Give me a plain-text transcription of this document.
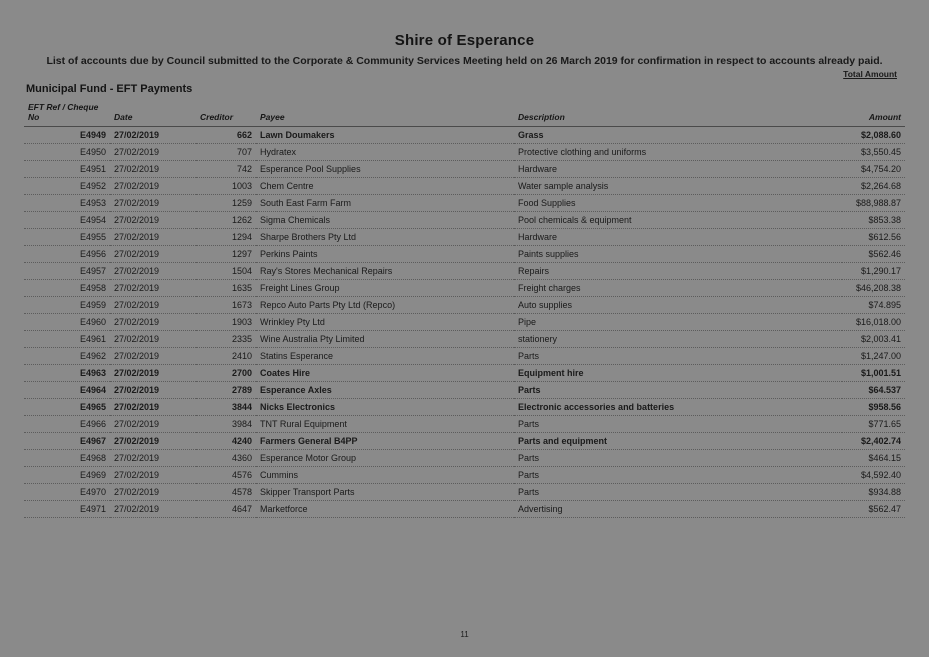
Shire of Esperance
List of accounts due by Council submitted to the Corporate & Community Services Meeting held on 26 March 2019 for confirmation in respect to accounts already paid.
Total Amount
Municipal Fund - EFT Payments
EFT Ref / Cheque No	Date	Creditor	Payee	Description	Amount
E4949	27/02/2019	662	Lawn Doumakers	Grass	$2,088.60
E4950	27/02/2019	707	Hydratex	Protective clothing and uniforms	$3,550.45
E4951	27/02/2019	742	Esperance Pool Supplies	Hardware	$4,754.20
E4952	27/02/2019	1003	Chem Centre	Water sample analysis	$2,264.68
E4953	27/02/2019	1259	South East Farm Farm	Food Supplies	$88,988.87
E4954	27/02/2019	1262	Sigma Chemicals	Pool chemicals & equipment	$853.38
E4955	27/02/2019	1294	Sharpe Brothers Pty Ltd	Hardware	$612.56
E4956	27/02/2019	1297	Perkins Paints	Paints supplies	$562.46
E4957	27/02/2019	1504	Ray's Stores Mechanical Repairs	Repairs	$1,290.17
E4958	27/02/2019	1635	Freight Lines Group	Freight charges	$46,208.38
E4959	27/02/2019	1673	Repco Auto Parts Pty Ltd (Repco)	Auto supplies	$74.895
E4960	27/02/2019	1903	Wrinkley Pty Ltd	Pipe	$16,018.00
E4961	27/02/2019	2335	Wine Australia Pty Limited	stationery	$2,003.41
E4962	27/02/2019	2410	Statins Esperance	Parts	$1,247.00
E4963	27/02/2019	2700	Coates Hire	Equipment hire	$1,001.51
E4964	27/02/2019	2789	Esperance Axles	Parts	$64.537
E4965	27/02/2019	3844	Nicks Electronics	Electronic accessories and batteries	$958.56
E4966	27/02/2019	3984	TNT Rural Equipment	Parts	$771.65
E4967	27/02/2019	4240	Farmers General B4PP	Parts and equipment	$2,402.74
E4968	27/02/2019	4360	Esperance Motor Group	Parts	$464.15
E4969	27/02/2019	4576	Cummins	Parts	$4,592.40
E4970	27/02/2019	4578	Skipper Transport Parts	Parts	$934.88
E4971	27/02/2019	4647	Marketforce	Advertising	$562.47
11
